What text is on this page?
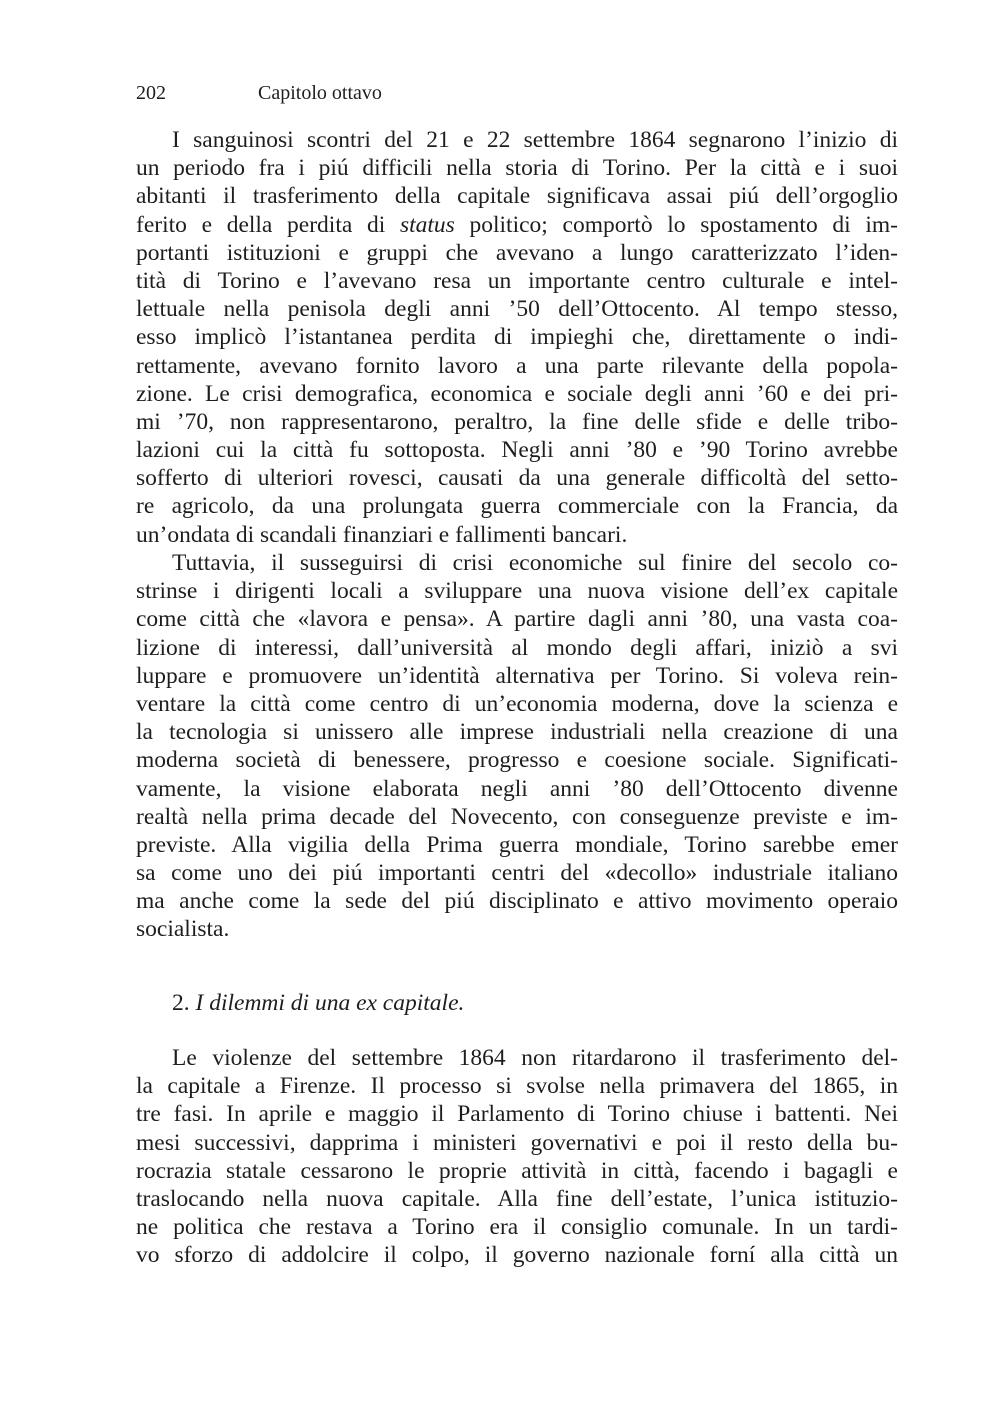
202	Capitolo ottavo
I sanguinosi scontri del 21 e 22 settembre 1864 segnarono l’inizio di
un periodo fra i piú difficili nella storia di Torino. Per la città e i suoi
abitanti il trasferimento della capitale significava assai piú dell’orgoglio
ferito e della perdita di status politico; comportò lo spostamento di im-
portanti istituzioni e gruppi che avevano a lungo caratterizzato l’iden-
tità di Torino e l’avevano resa un importante centro culturale e intel-
lettuale nella penisola degli anni ’50 dell’Ottocento. Al tempo stesso,
esso implicò l’istantanea perdita di impieghi che, direttamente o indi-
rettamente, avevano fornito lavoro a una parte rilevante della popola-
zione. Le crisi demografica, economica e sociale degli anni ’60 e dei pri-
mi ’70, non rappresentarono, peraltro, la fine delle sfide e delle tribo-
lazioni cui la città fu sottoposta. Negli anni ’80 e ’90 Torino avrebbe
sofferto di ulteriori rovesci, causati da una generale difficoltà del setto-
re agricolo, da una prolungata guerra commerciale con la Francia, da
un’ondata di scandali finanziari e fallimenti bancari.
Tuttavia, il susseguirsi di crisi economiche sul finire del secolo co-
strinse i dirigenti locali a sviluppare una nuova visione dell’ex capitale
come città che «lavora e pensa». A partire dagli anni ’80, una vasta coa-
lizione di interessi, dall’università al mondo degli affari, iniziò a svi
luppare e promuovere un’identità alternativa per Torino. Si voleva rein-
ventare la città come centro di un’economia moderna, dove la scienza e
la tecnologia si unissero alle imprese industriali nella creazione di una
moderna società di benessere, progresso e coesione sociale. Significati-
vamente, la visione elaborata negli anni ’80 dell’Ottocento divenne
realtà nella prima decade del Novecento, con conseguenze previste e im-
previste. Alla vigilia della Prima guerra mondiale, Torino sarebbe emer
sa come uno dei piú importanti centri del «decollo» industriale italiano
ma anche come la sede del piú disciplinato e attivo movimento operaio
socialista.
2. I dilemmi di una ex capitale.
Le violenze del settembre 1864 non ritardarono il trasferimento del-
la capitale a Firenze. Il processo si svolse nella primavera del 1865, in
tre fasi. In aprile e maggio il Parlamento di Torino chiuse i battenti. Nei
mesi successivi, dapprima i ministeri governativi e poi il resto della bu-
rocrazia statale cessarono le proprie attività in città, facendo i bagagli e
traslocando nella nuova capitale. Alla fine dell’estate, l’unica istituzio-
ne politica che restava a Torino era il consiglio comunale. In un tardi-
vo sforzo di addolcire il colpo, il governo nazionale forní alla città un
